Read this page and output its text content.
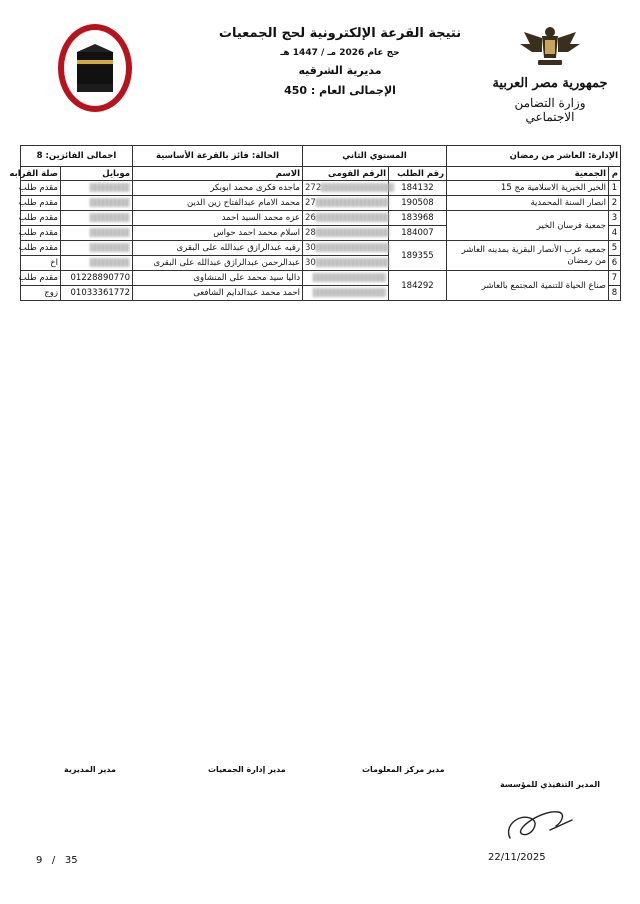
نتيجة القرعة الإلكترونية لحج الجمعيات
حج عام 2026 مـ / 1447 هـ
مديرية الشرقيه
الإجمالى العام : 450	جمهورية مصر العربية
وزارة التضامن الاجتماعي
الإدارة: العاشر من رمضان		المستوي الثاني		الحالة: فائز بالقرعة الأساسية	اجمالى الفائزين: 8	
م	الجمعية	رقم الطلب	الرقم القومى	الاسم	موبايل	صلة القرابه
1	الخير الخيرية الاسلامية مج 15	184132	272	ماجده فكرى محمد ابوبكر		مقدم طلب
2	انصار السنة المحمدية	190508	27	محمد الامام عبدالفتاح زين الدين		مقدم طلب
3	جمعية فرسان الخير	183968	26	عزه محمد السيد احمد		مقدم طلب
4		184007	28	اسلام محمد احمد حواس		مقدم طلب
5	جمعيه عرب الأنصار البقرية بمدينه العاشر من رمضان	189355	30	رقيه عبدالرازق عبدالله على البقرى		مقدم طلب
6			30	عبدالرحمن عبدالرازق عبدالله على البقرى		اخ
7	صناع الحياة للتنمية المجتمع بالعاشر	184292		داليا سيد محمد على المنشاوى	01228890770	مقدم طلب
8				احمد محمد عبدالدايم الشافعى	01033361772	زوج
مدير المديرية	مدير إدارة الجمعيات	مدير مركز المعلومات
المدير التنفيذي للمؤسسة
22/11/2025
9 / 35
